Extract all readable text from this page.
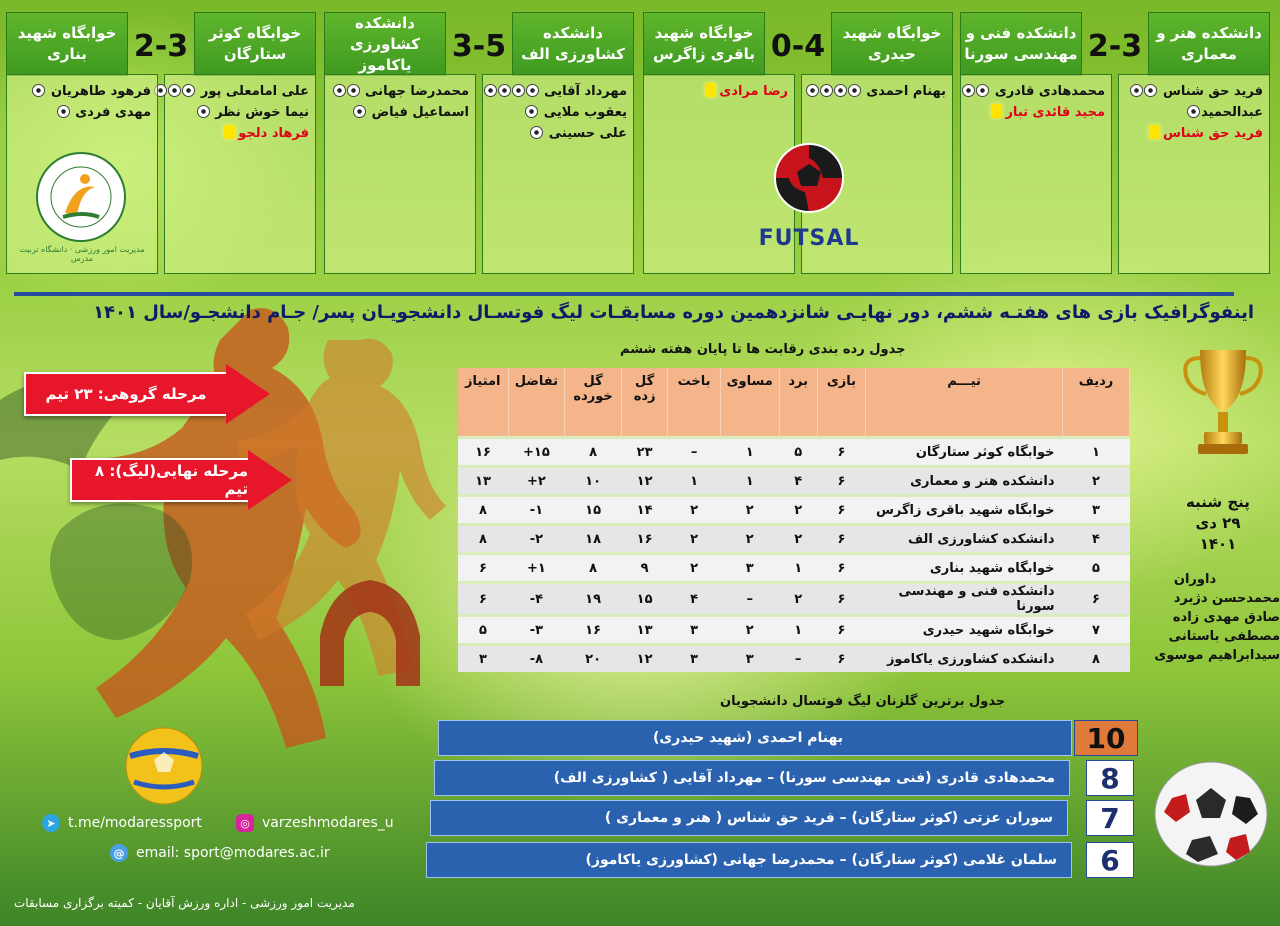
دانشکده هنر و معماری
2-3
دانشکده فنی و مهندسی سورنا
فرید حق شناس
عبدالحمید
فرید حق شناس
محمدهادی قادری
مجید قائدی تبار
خوابگاه شهید حیدری
0-4
خوابگاه شهید باقری زاگرس
بهنام احمدی
رضا مرادی
FUTSAL
دانشکده کشاورزی الف
3-5
دانشکده کشاورزی یاکاموز
مهرداد آقایی
یعقوب ملایی
علی حسینی
محمدرضا جهانی
اسماعیل فیاض
خوابگاه کوثر ستارگان
2-3
خوابگاه شهید بناری
علی امامعلی پور
نیما خوش نظر
فرهاد دلجو
فرهود طاهریان
مهدی فردی
مدیریت امور ورزشی · دانشگاه تربیت مدرس
اینفوگرافیک بازی های هفتـه ششم، دور نهایـی شانزدهمین دوره مسابقـات لیگ فوتسـال دانشجویـان پسر/ جـام دانشجـو/سال ۱۴۰۱
جدول رده بندی رقابت ها تا پایان هفته ششم
مرحله گروهی: ۲۳ تیم
مرحله نهایی(لیگ): ۸ تیم
ردیف	تیـــم	بازی	برد	مساوی	باخت	گل زده	گل خورده	تفاضل	امتیاز
۱	خوابگاه کوثر ستارگان	۶	۵	۱	–	۲۳	۸	۱۵+	۱۶
۲	دانشکده هنر و معماری	۶	۴	۱	۱	۱۲	۱۰	۲+	۱۳
۳	خوابگاه شهید باقری زاگرس	۶	۲	۲	۲	۱۴	۱۵	۱-	۸
۴	دانشکده کشاورزی الف	۶	۲	۲	۲	۱۶	۱۸	۲-	۸
۵	خوابگاه شهید بناری	۶	۱	۳	۲	۹	۸	۱+	۶
۶	دانشکده فنی و مهندسی سورنا	۶	۲	–	۴	۱۵	۱۹	۴-	۶
۷	خوابگاه شهید حیدری	۶	۱	۲	۳	۱۳	۱۶	۳-	۵
۸	دانشکده کشاورزی یاکاموز	۶	–	۳	۳	۱۲	۲۰	۸-	۳
پنج شنبه
۲۹ دی ۱۴۰۱
داوران
محمدحسن دژبرد
صادق مهدی زاده
مصطفی باستانی
سیدابراهیم موسوی
جدول برترین گلزنان لیگ فوتسال دانشجویان
بهنام احمدی (شهید حیدری)	10
محمدهادی قادری (فنی مهندسی سورنا) – مهرداد آقایی ( کشاورزی الف)	8
سوران عزتی (کوثر ستارگان) – فرید حق شناس ( هنر و معماری )	7
سلمان غلامی (کوثر ستارگان) – محمدرضا جهانی (کشاورزی یاکاموز)	6
➤ t.me/modaressport	◎ varzeshmodares_u
@ email: sport@modares.ac.ir
مدیریت امور ورزشی - اداره ورزش آقایان - کمیته برگزاری مسابقات
